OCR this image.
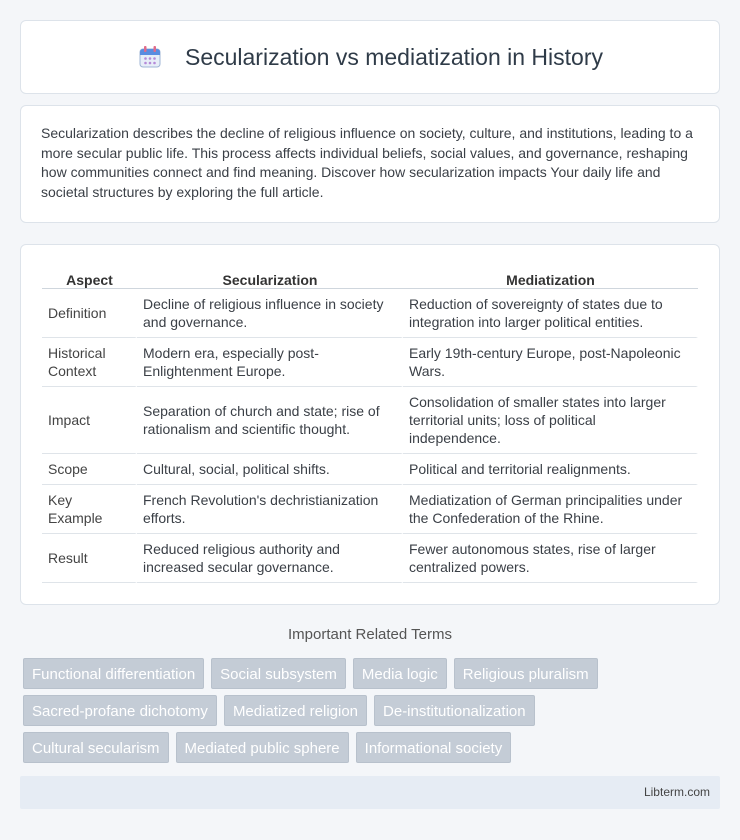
Secularization vs mediatization in History

Secularization describes the decline of religious influence on society, culture, and institutions, leading to a more secular public life. This process affects individual beliefs, social values, and governance, reshaping how communities connect and find meaning. Discover how secularization impacts Your daily life and societal structures by exploring the full article.

Aspect	Secularization	Mediatization
Definition	Decline of religious influence in society and governance.	Reduction of sovereignty of states due to integration into larger political entities.
Historical Context	Modern era, especially post-Enlightenment Europe.	Early 19th-century Europe, post-Napoleonic Wars.
Impact	Separation of church and state; rise of rationalism and scientific thought.	Consolidation of smaller states into larger territorial units; loss of political independence.
Scope	Cultural, social, political shifts.	Political and territorial realignments.
Key Example	French Revolution's dechristianization efforts.	Mediatization of German principalities under the Confederation of the Rhine.
Result	Reduced religious authority and increased secular governance.	Fewer autonomous states, rise of larger centralized powers.
Important Related Terms
Functional differentiation	Social subsystem	Media logic	Religious pluralism
Sacred-profane dichotomy	Mediatized religion	De-institutionalization
Cultural secularism	Mediated public sphere	Informational society
Libterm.com
